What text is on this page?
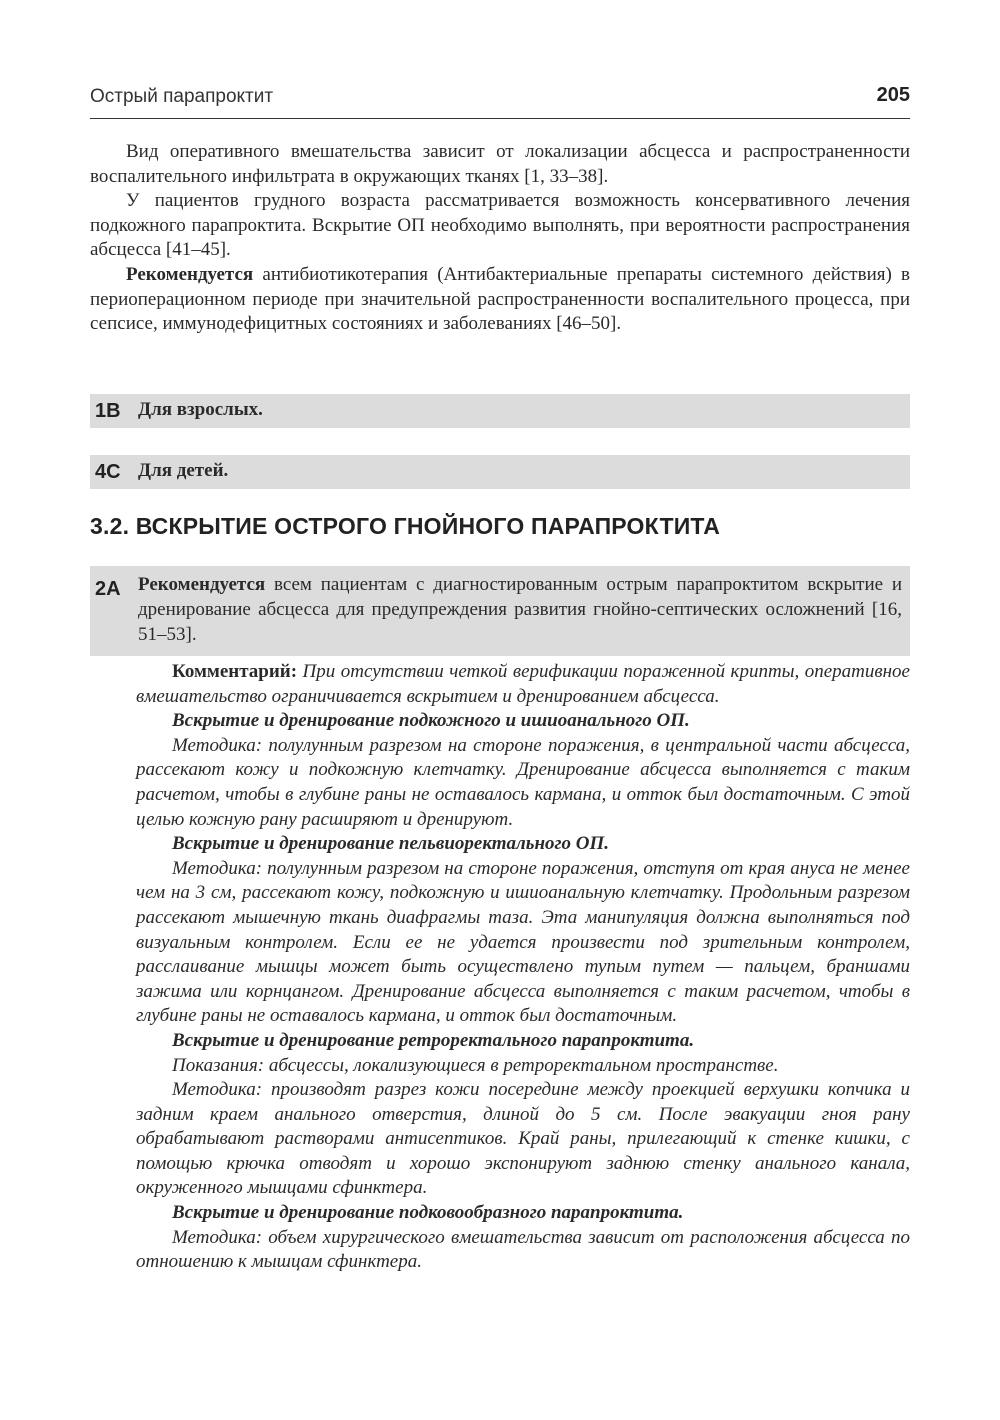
Острый парапроктит	205

Вид оперативного вмешательства зависит от локализации абсцесса и распространенности воспалительного инфильтрата в окружающих тканях [1, 33–38].

У пациентов грудного возраста рассматривается возможность консервативного лечения подкожного парапроктита. Вскрытие ОП необходимо выполнять, при вероятности распространения абсцесса [41–45].

Рекомендуется антибиотикотерапия (Антибактериальные препараты системного действия) в периоперационном периоде при значительной распространенности воспалительного процесса, при сепсисе, иммунодефицитных состояниях и заболеваниях [46–50].

1В Для взрослых.
4С Для детей.
3.2. ВСКРЫТИЕ ОСТРОГО ГНОЙНОГО ПАРАПРОКТИТА
2А Рекомендуется всем пациентам с диагностированным острым парапроктитом вскрытие и дренирование абсцесса для предупреждения развития гнойно-септических осложнений [16, 51–53].

Комментарий: При отсутствии четкой верификации пораженной крипты, оперативное вмешательство ограничивается вскрытием и дренированием абсцесса.

Вскрытие и дренирование подкожного и ишиоанального ОП.

Методика: полулунным разрезом на стороне поражения, в центральной части абсцесса, рассекают кожу и подкожную клетчатку. Дренирование абсцесса выполняется с таким расчетом, чтобы в глубине раны не оставалось кармана, и отток был достаточным. С этой целью кожную рану расширяют и дренируют.

Вскрытие и дренирование пельвиоректального ОП.

Методика: полулунным разрезом на стороне поражения, отступя от края ануса не менее чем на 3 см, рассекают кожу, подкожную и ишиоанальную клетчатку. Продольным разрезом рассекают мышечную ткань диафрагмы таза. Эта манипуляция должна выполняться под визуальным контролем. Если ее не удается произвести под зрительным контролем, расслаивание мышцы может быть осуществлено тупым путем — пальцем, браншами зажима или корнцангом. Дренирование абсцесса выполняется с таким расчетом, чтобы в глубине раны не оставалось кармана, и отток был достаточным.

Вскрытие и дренирование ретроректального парапроктита.

Показания: абсцессы, локализующиеся в ретроректальном пространстве.

Методика: производят разрез кожи посередине между проекцией верхушки копчика и задним краем анального отверстия, длиной до 5 см. После эвакуации гноя рану обрабатывают растворами антисептиков. Край раны, прилегающий к стенке кишки, с помощью крючка отводят и хорошо экспонируют заднюю стенку анального канала, окруженного мышцами сфинктера.

Вскрытие и дренирование подковообразного парапроктита.

Методика: объем хирургического вмешательства зависит от расположения абсцесса по отношению к мышцам сфинктера.
